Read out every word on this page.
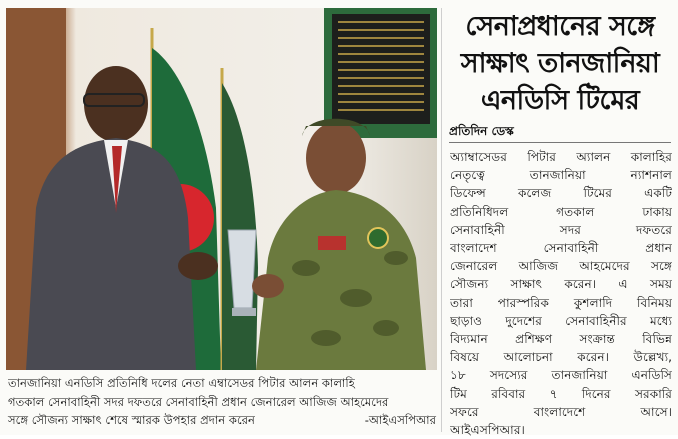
তানজানিয়া এনডিসি প্রতিনিধি দলের নেতা এম্বাসেডর পিটার আলন কালাহি
গতকাল সেনাবাহিনী সদর দফতরে সেনাবাহিনী প্রধান জেনারেল আজিজ আহমেদের
সঙ্গে সৌজন্য সাক্ষাৎ শেষে স্মারক উপহার প্রদান করেন	-আইএসপিআর
সেনাপ্রধানের সঙ্গে
সাক্ষাৎ তানজানিয়া
এনডিসি টিমের
প্রতিদিন ডেস্ক
অ্যাম্বাসেডর পিটার অ্যালন কালাহির
নেতৃত্বে তানজানিয়া ন্যাশনাল
ডিফেন্স কলেজ টিমের একটি
প্রতিনিধিদল গতকাল ঢাকায়
সেনাবাহিনী সদর দফতরে
বাংলাদেশ সেনাবাহিনী প্রধান
জেনারেল আজিজ আহমেদের সঙ্গে
সৌজন্য সাক্ষাৎ করেন। এ সময়
তারা পারস্পরিক কুশলাদি বিনিময়
ছাড়াও দুদেশের সেনাবাহিনীর মধ্যে
বিদ্যমান প্রশিক্ষণ সংক্রান্ত বিভিন্ন
বিষয়ে আলোচনা করেন। উল্লেখ্য,
১৮ সদস্যের তানজানিয়া এনডিসি
টিম রবিবার ৭ দিনের সরকারি
সফরে বাংলাদেশে আসে।
আইএসপিআর।
